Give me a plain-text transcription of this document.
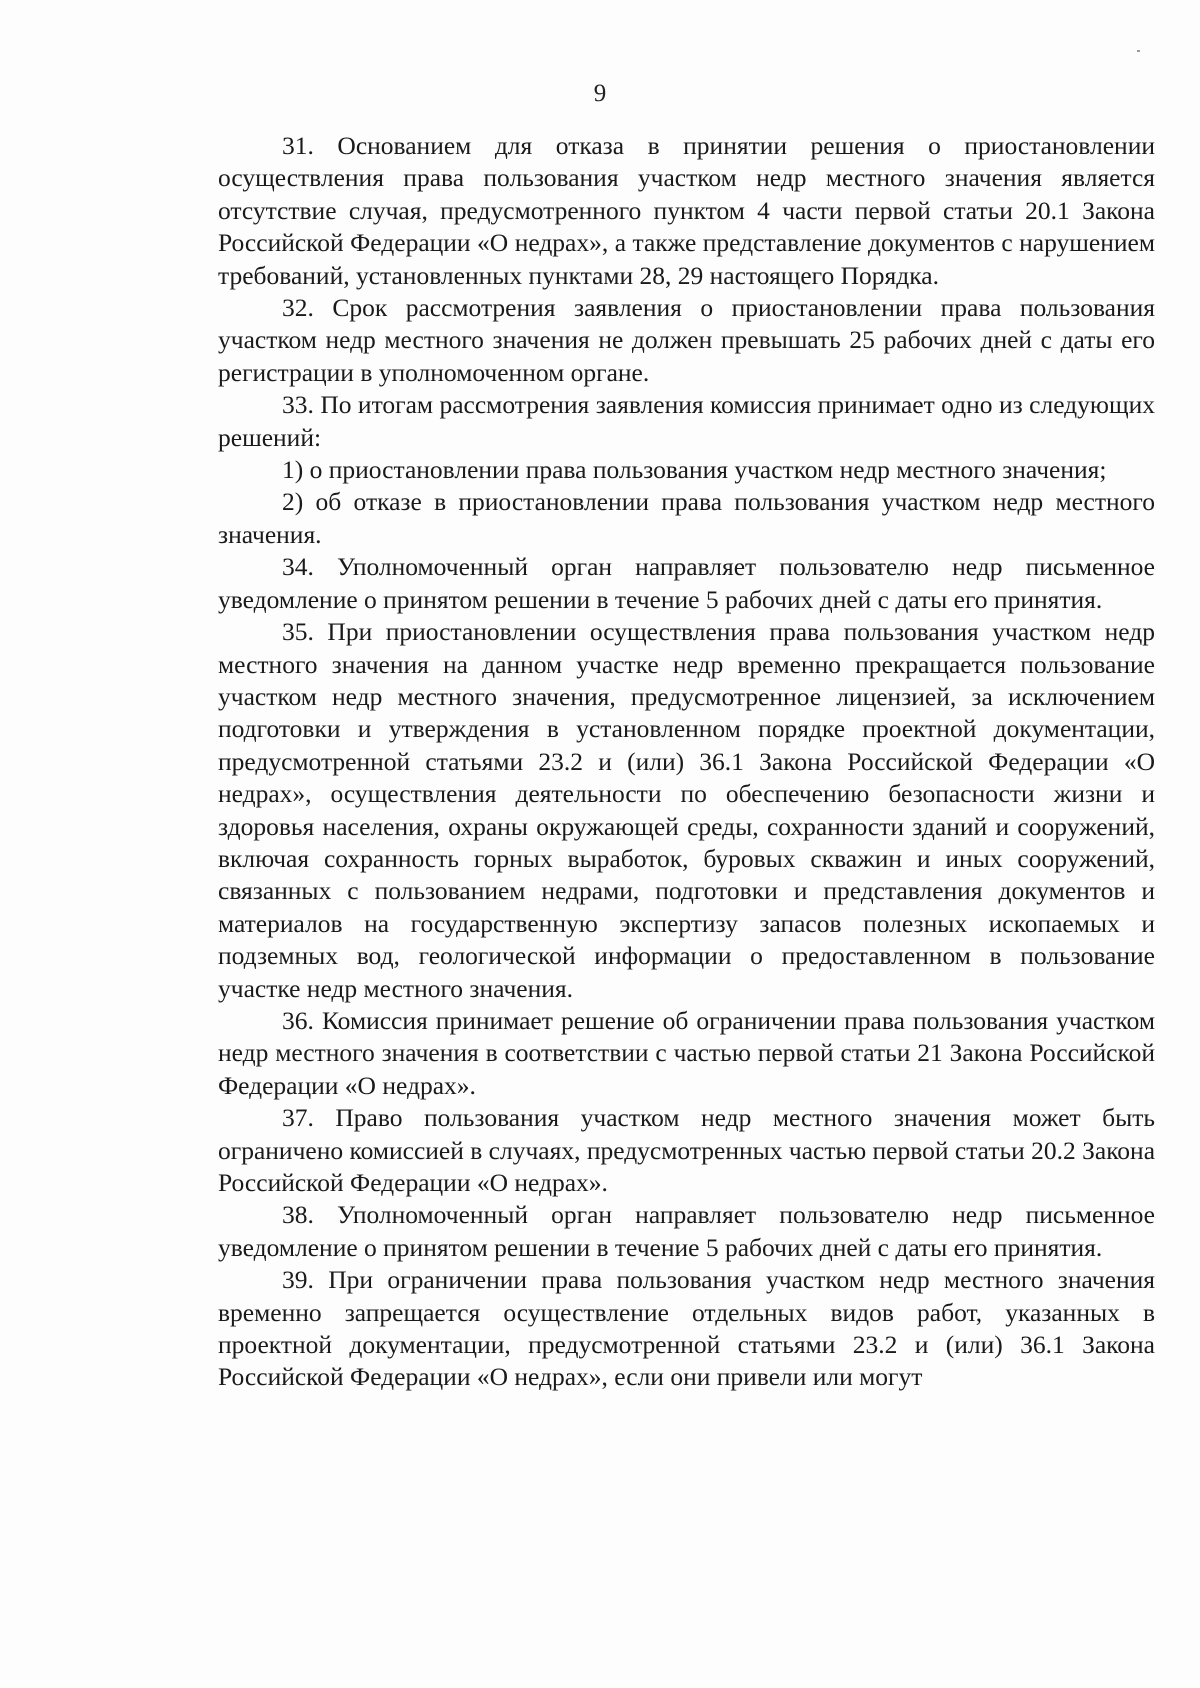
9

31. Основанием для отказа в принятии решения о приостановлении осуществления права пользования участком недр местного значения является отсутствие случая, предусмотренного пунктом 4 части первой статьи 20.1 Закона Российской Федерации «О недрах», а также представление документов с нарушением требований, установленных пунктами 28, 29 настоящего Порядка.

32. Срок рассмотрения заявления о приостановлении права пользования участком недр местного значения не должен превышать 25 рабочих дней с даты его регистрации в уполномоченном органе.

33. По итогам рассмотрения заявления комиссия принимает одно из следующих решений:

1) о приостановлении права пользования участком недр местного значения;

2) об отказе в приостановлении права пользования участком недр местного значения.

34. Уполномоченный орган направляет пользователю недр письменное уведомление о принятом решении в течение 5 рабочих дней с даты его принятия.

35. При приостановлении осуществления права пользования участком недр местного значения на данном участке недр временно прекращается пользование участком недр местного значения, предусмотренное лицензией, за исключением подготовки и утверждения в установленном порядке проектной документации, предусмотренной статьями 23.2 и (или) 36.1 Закона Российской Федерации «О недрах», осуществления деятельности по обеспечению безопасности жизни и здоровья населения, охраны окружающей среды, сохранности зданий и сооружений, включая сохранность горных выработок, буровых скважин и иных сооружений, связанных с пользованием недрами, подготовки и представления документов и материалов на государственную экспертизу запасов полезных ископаемых и подземных вод, геологической информации о предоставленном в пользование участке недр местного значения.

36. Комиссия принимает решение об ограничении права пользования участком недр местного значения в соответствии с частью первой статьи 21 Закона Российской Федерации «О недрах».

37. Право пользования участком недр местного значения может быть ограничено комиссией в случаях, предусмотренных частью первой статьи 20.2 Закона Российской Федерации «О недрах».

38. Уполномоченный орган направляет пользователю недр письменное уведомление о принятом решении в течение 5 рабочих дней с даты его принятия.

39. При ограничении права пользования участком недр местного значения временно запрещается осуществление отдельных видов работ, указанных в проектной документации, предусмотренной статьями 23.2 и (или) 36.1 Закона Российской Федерации «О недрах», если они привели или могут
